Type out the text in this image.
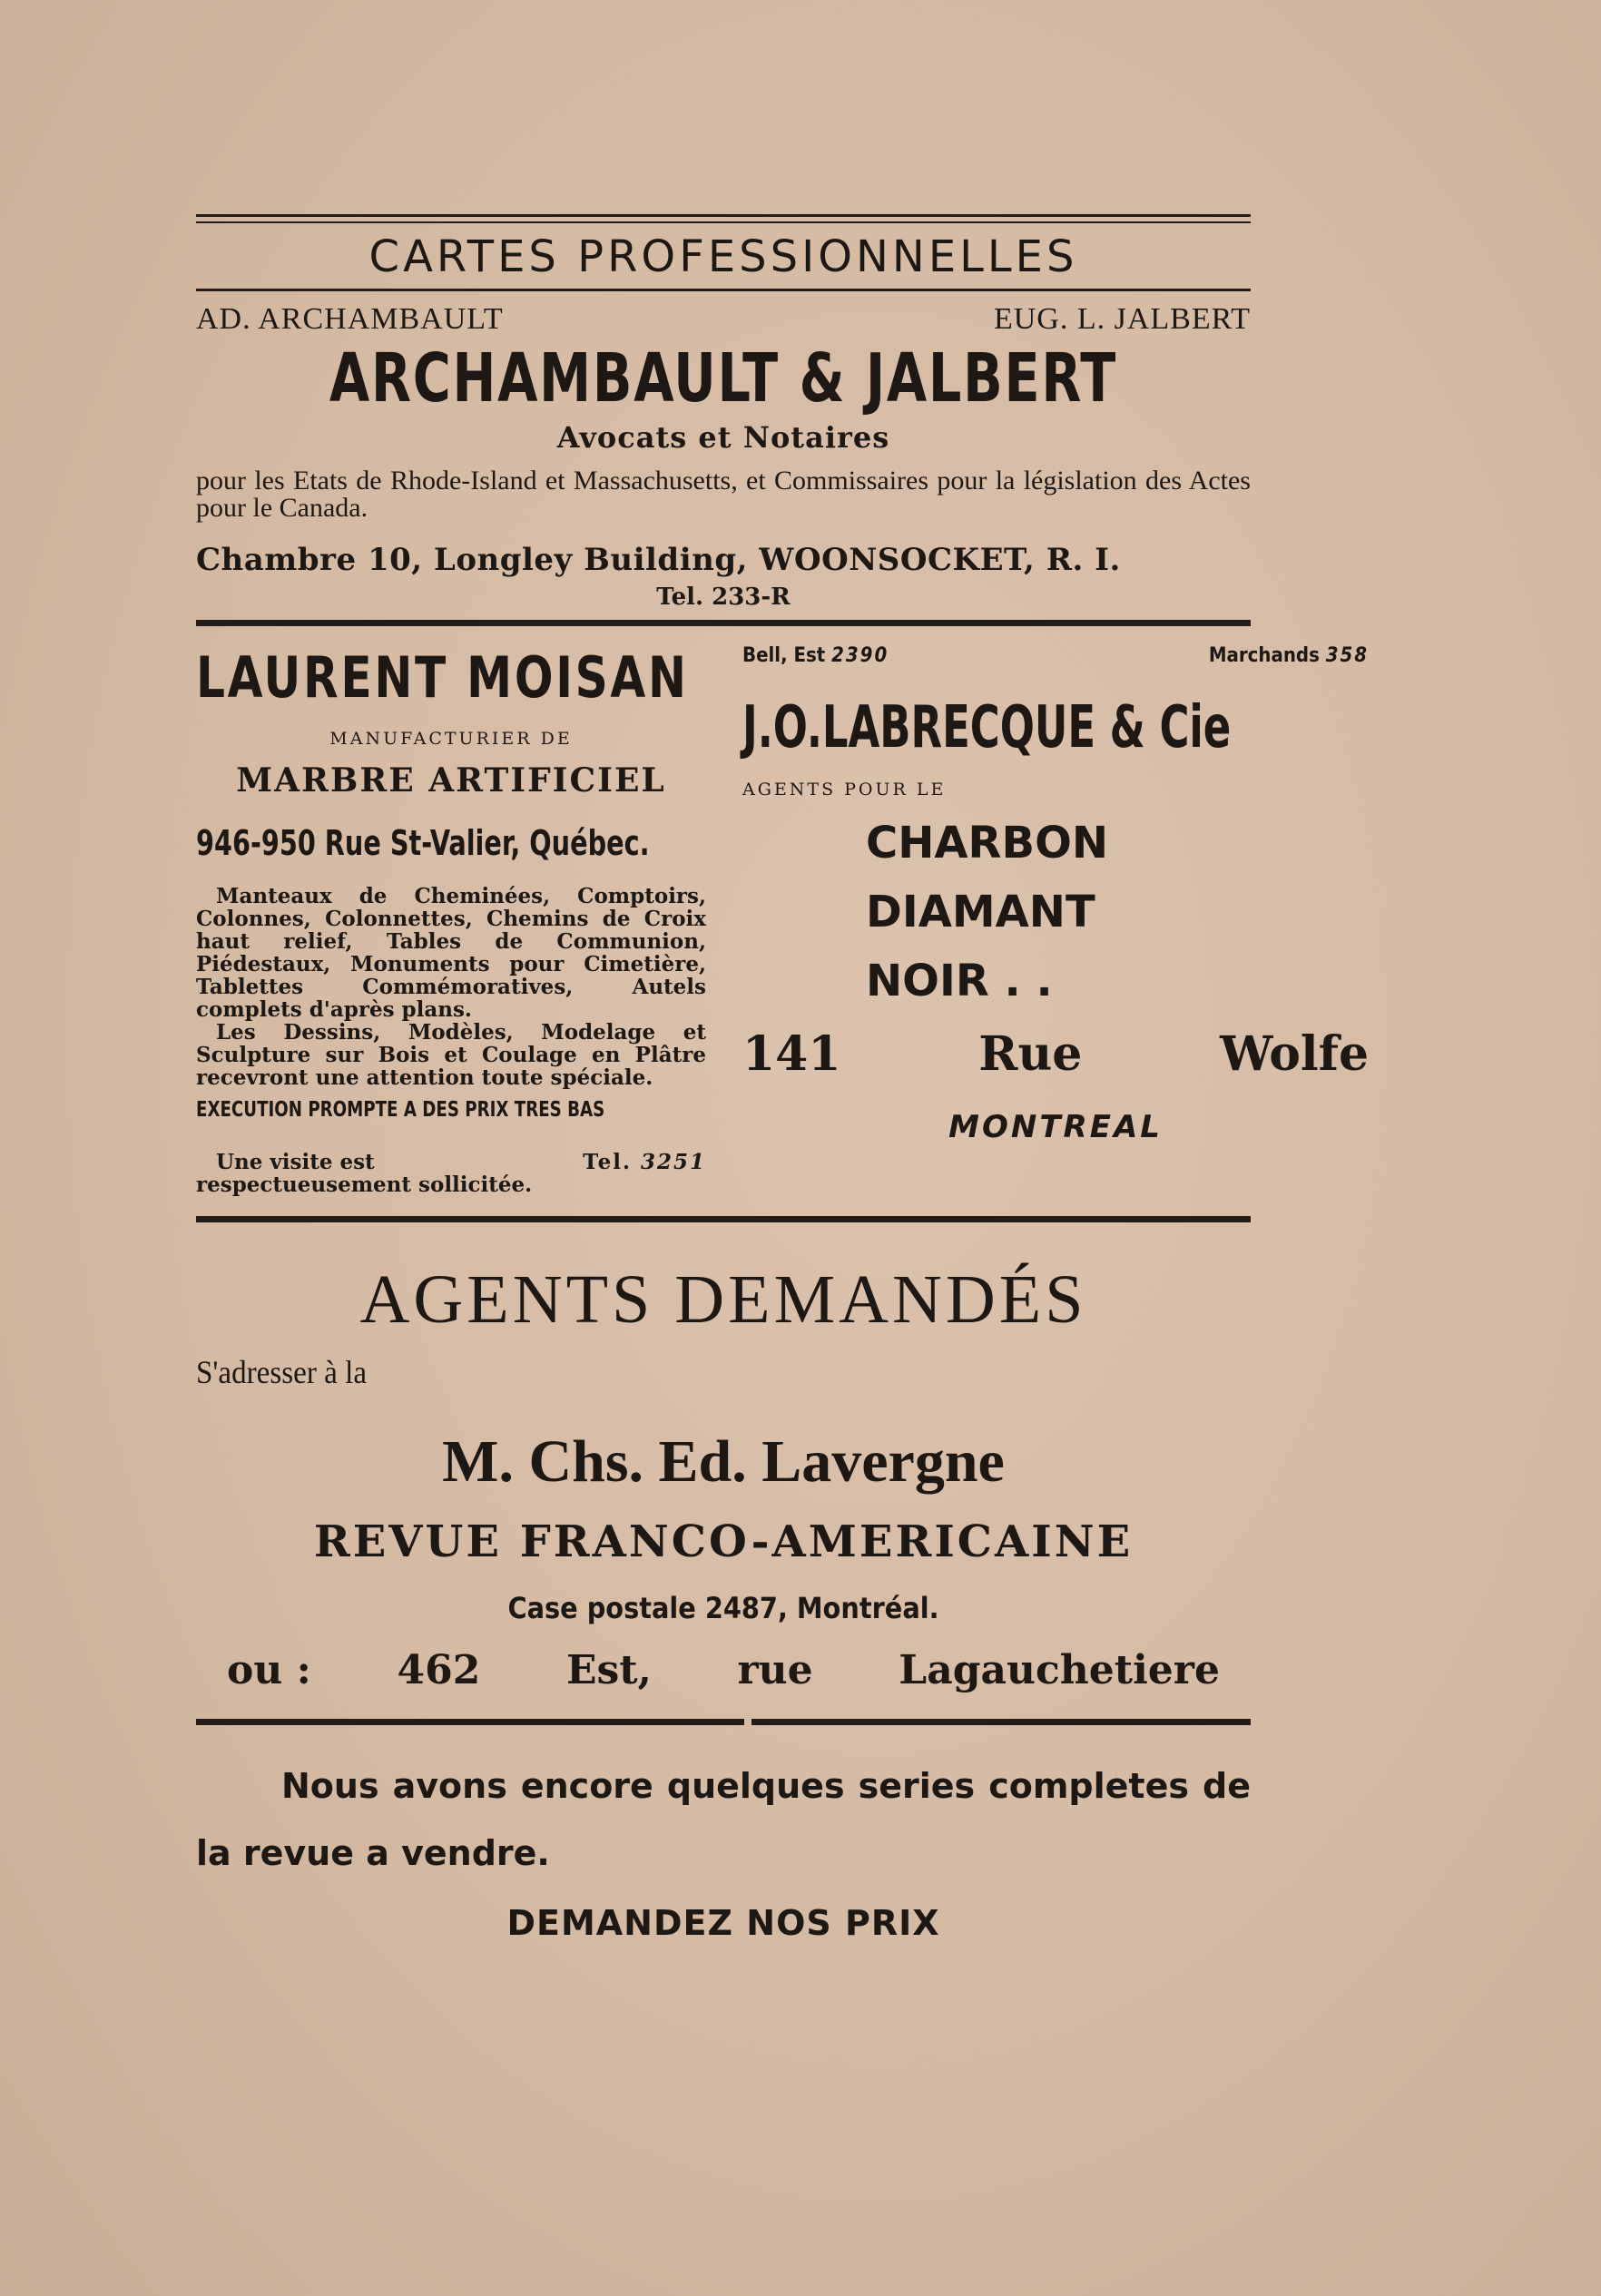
CARTES PROFESSIONNELLES
AD. ARCHAMBAULT	EUG. L. JALBERT
ARCHAMBAULT & JALBERT
Avocats et Notaires
pour les Etats de Rhode-Island et Massachusetts, et Commissaires pour la législation des Actes pour le Canada.
Chambre 10, Longley Building, WOONSOCKET, R. I.
Tel. 233-R
LAURENT MOISAN
MANUFACTURIER DE
MARBRE ARTIFICIEL
946-950 Rue St-Valier, Québec.

Manteaux de Cheminées, Comptoirs, Colonnes, Colonnettes, Chemins de Croix haut relief, Tables de Communion, Piédestaux, Monuments pour Cimetière, Tablettes Commémoratives, Autels complets d'après plans.

Les Dessins, Modèles, Modelage et Sculpture sur Bois et Coulage en Plâtre recevront une attention toute spéciale.

EXECUTION PROMPTE A DES PRIX TRES BAS
Tel. 3251
Une visite est respectueusement sollicitée.
Bell, Est 2390	Marchands 358
J.O.LABRECQUE & Cie
AGENTS POUR LE
CHARBON
DIAMANT
NOIR . .
141	Rue	Wolfe
MONTREAL
AGENTS DEMANDÉS
S'adresser à la
M. Chs. Ed. Lavergne
REVUE FRANCO-AMERICAINE
Case postale 2487, Montréal.
ou : 462 Est, rue Lagauchetiere
Nous avons encore quelques series completes de la revue a vendre.
DEMANDEZ NOS PRIX
